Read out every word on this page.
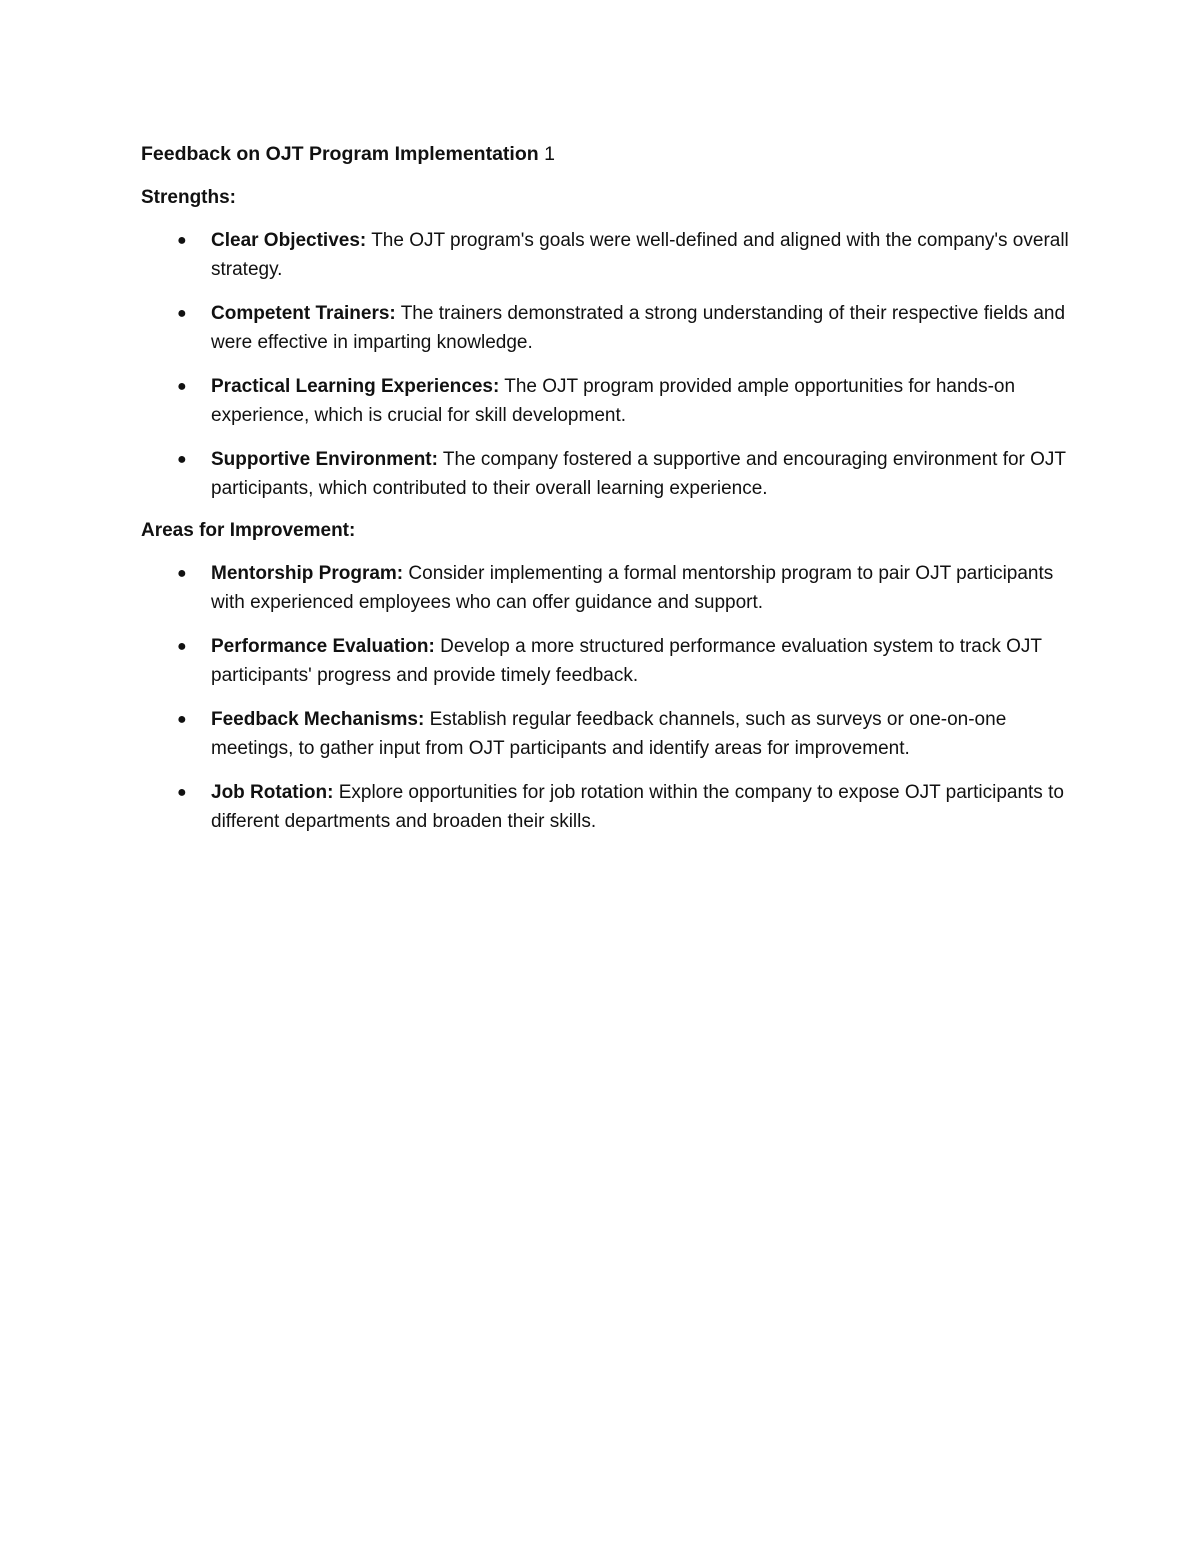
Feedback on OJT Program Implementation 1
Strengths:
● Clear Objectives: The OJT program's goals were well-defined and aligned with the company's overall strategy.
● Competent Trainers: The trainers demonstrated a strong understanding of their respective fields and were effective in imparting knowledge.
● Practical Learning Experiences: The OJT program provided ample opportunities for hands-on experience, which is crucial for skill development.
● Supportive Environment: The company fostered a supportive and encouraging environment for OJT participants, which contributed to their overall learning experience.
Areas for Improvement:
● Mentorship Program: Consider implementing a formal mentorship program to pair OJT participants with experienced employees who can offer guidance and support.
● Performance Evaluation: Develop a more structured performance evaluation system to track OJT participants' progress and provide timely feedback.
● Feedback Mechanisms: Establish regular feedback channels, such as surveys or one-on-one meetings, to gather input from OJT participants and identify areas for improvement.
● Job Rotation: Explore opportunities for job rotation within the company to expose OJT participants to different departments and broaden their skills.
